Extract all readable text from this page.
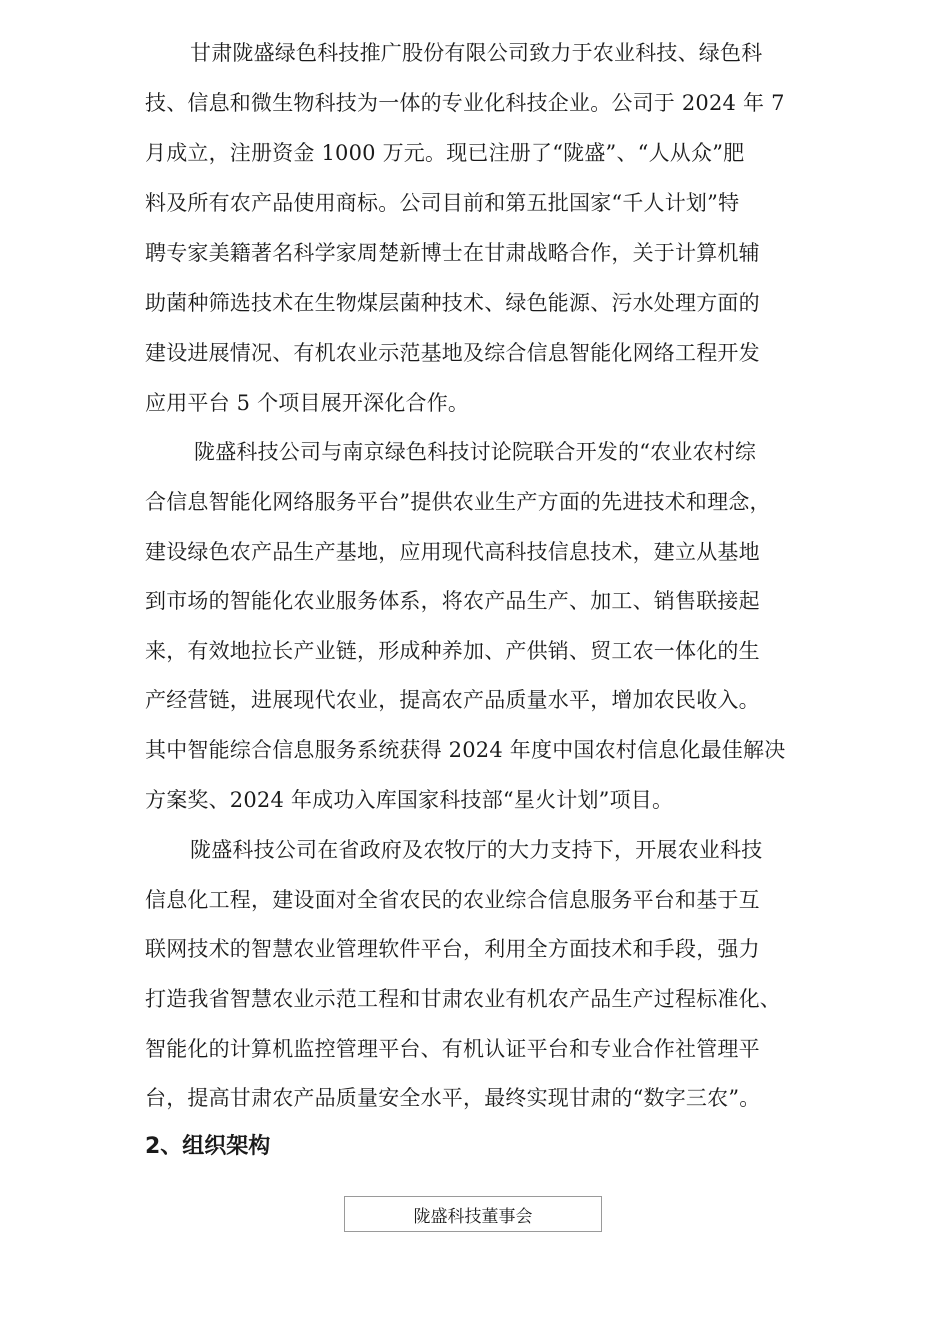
甘肃陇盛绿色科技推广股份有限公司致力于农业科技、绿色科
技、信息和微生物科技为一体的专业化科技企业。公司于 2024 年 7
月成立，注册资金 1000 万元。现已注册了“陇盛”、“人从众”肥
料及所有农产品使用商标。公司目前和第五批国家“千人计划”特
聘专家美籍著名科学家周楚新博士在甘肃战略合作，关于计算机辅
助菌种筛选技术在生物煤层菌种技术、绿色能源、污水处理方面的
建设进展情况、有机农业示范基地及综合信息智能化网络工程开发
应用平台 5 个项目展开深化合作。
陇盛科技公司与南京绿色科技讨论院联合开发的“农业农村综
合信息智能化网络服务平台”提供农业生产方面的先进技术和理念，
建设绿色农产品生产基地，应用现代高科技信息技术，建立从基地
到市场的智能化农业服务体系，将农产品生产、加工、销售联接起
来，有效地拉长产业链，形成种养加、产供销、贸工农一体化的生
产经营链，进展现代农业，提高农产品质量水平，增加农民收入。
其中智能综合信息服务系统获得 2024 年度中国农村信息化最佳解决
方案奖、2024 年成功入库国家科技部“星火计划”项目。
陇盛科技公司在省政府及农牧厅的大力支持下，开展农业科技
信息化工程，建设面对全省农民的农业综合信息服务平台和基于互
联网技术的智慧农业管理软件平台，利用全方面技术和手段，强力
打造我省智慧农业示范工程和甘肃农业有机农产品生产过程标准化、
智能化的计算机监控管理平台、有机认证平台和专业合作社管理平
台，提高甘肃农产品质量安全水平，最终实现甘肃的“数字三农”。
2、组织架构
陇盛科技董事会
